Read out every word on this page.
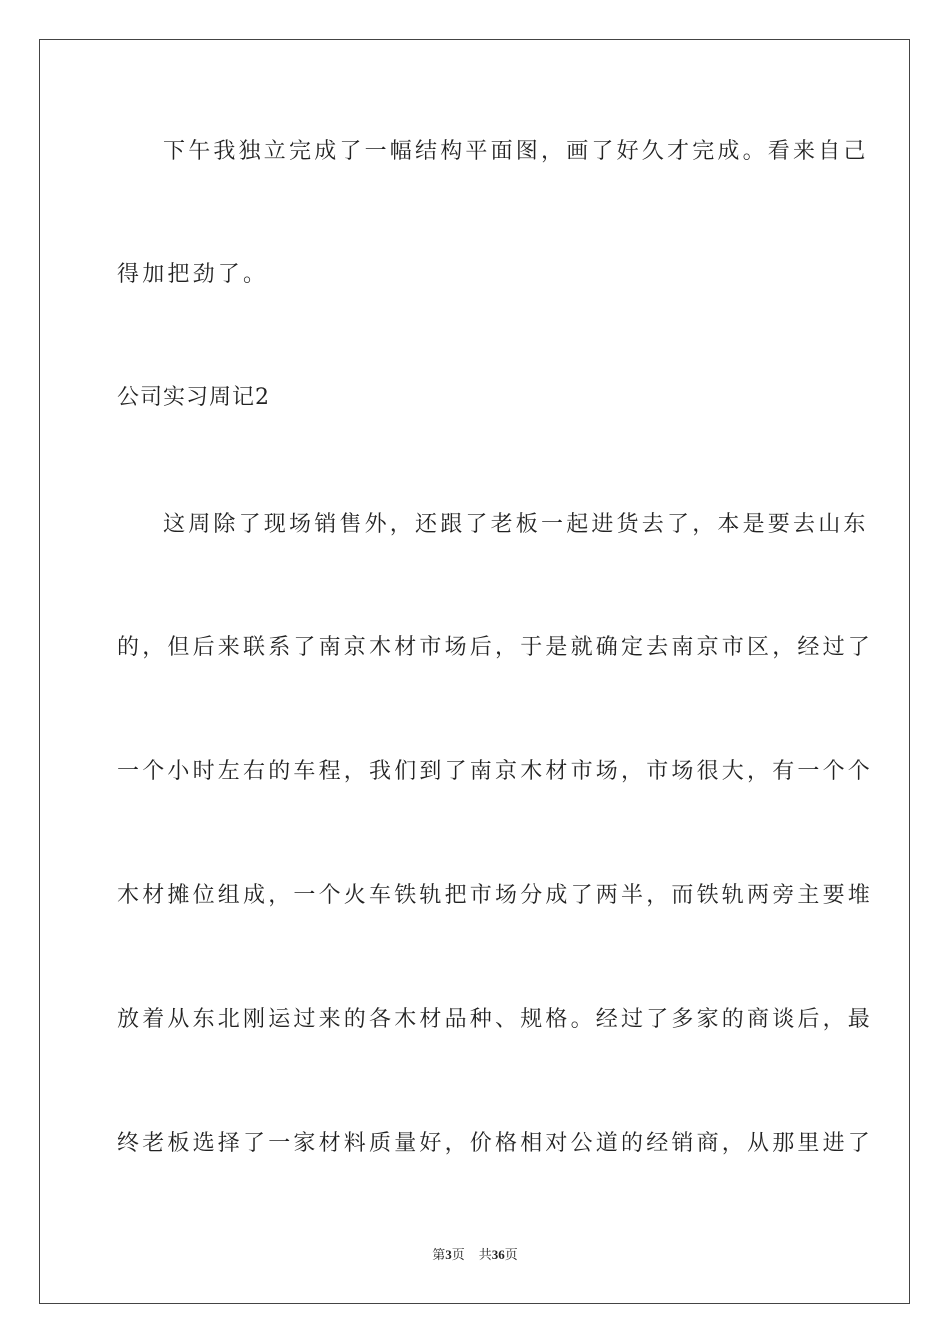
下午我独立完成了一幅结构平面图，画了好久才完成。看来自己
得加把劲了。
公司实习周记2
这周除了现场销售外，还跟了老板一起进货去了，本是要去山东
的，但后来联系了南京木材市场后，于是就确定去南京市区，经过了
一个小时左右的车程，我们到了南京木材市场，市场很大，有一个个
木材摊位组成，一个火车铁轨把市场分成了两半，而铁轨两旁主要堆
放着从东北刚运过来的各木材品种、规格。经过了多家的商谈后，最
终老板选择了一家材料质量好，价格相对公道的经销商，从那里进了
第3页 共36页
